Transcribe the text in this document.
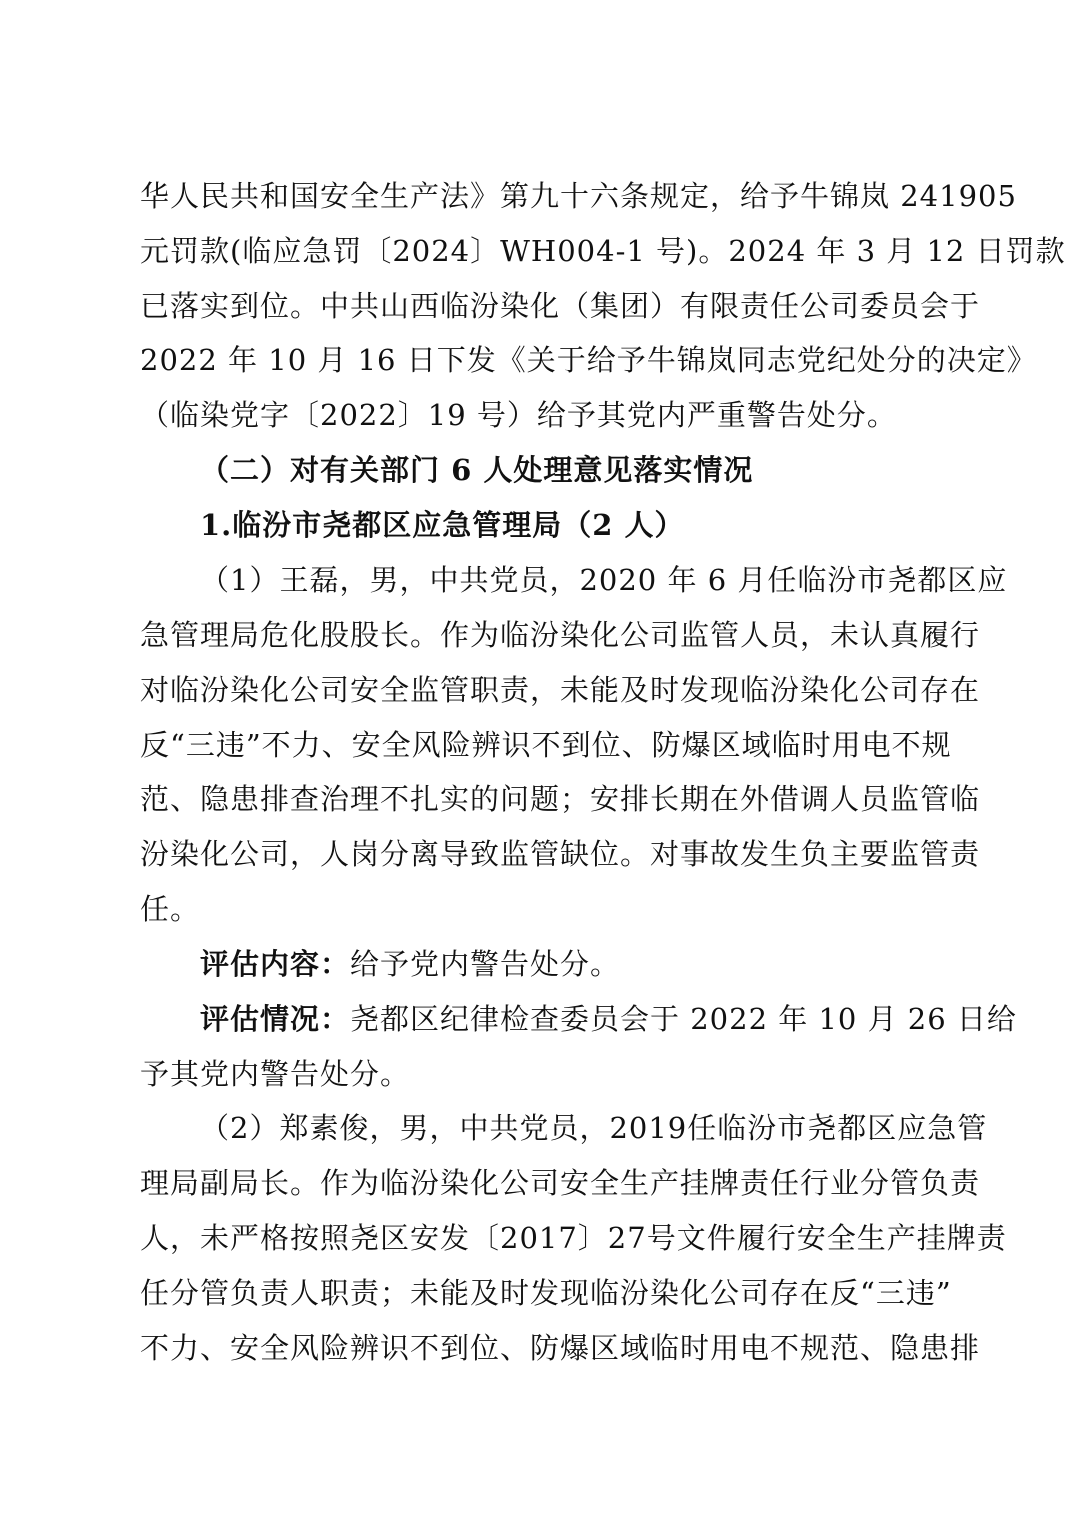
华人民共和国安全生产法》第九十六条规定，给予牛锦岚 241905
元罚款(临应急罚〔2024〕WH004-1 号)。2024 年 3 月 12 日罚款
已落实到位。中共山西临汾染化（集团）有限责任公司委员会于
2022 年 10 月 16 日下发《关于给予牛锦岚同志党纪处分的决定》
（临染党字〔2022〕19 号）给予其党内严重警告处分。
（二）对有关部门 6 人处理意见落实情况
1.临汾市尧都区应急管理局（2 人）
（1）王磊，男，中共党员，2020 年 6 月任临汾市尧都区应
急管理局危化股股长。作为临汾染化公司监管人员，未认真履行
对临汾染化公司安全监管职责，未能及时发现临汾染化公司存在
反“三违”不力、安全风险辨识不到位、防爆区域临时用电不规
范、隐患排查治理不扎实的问题；安排长期在外借调人员监管临
汾染化公司，人岗分离导致监管缺位。对事故发生负主要监管责
任。
评估内容：给予党内警告处分。
评估情况：尧都区纪律检查委员会于 2022 年 10 月 26 日给
予其党内警告处分。
（2）郑素俊，男，中共党员，2019任临汾市尧都区应急管
理局副局长。作为临汾染化公司安全生产挂牌责任行业分管负责
人，未严格按照尧区安发〔2017〕27号文件履行安全生产挂牌责
任分管负责人职责；未能及时发现临汾染化公司存在反“三违”
不力、安全风险辨识不到位、防爆区域临时用电不规范、隐患排
